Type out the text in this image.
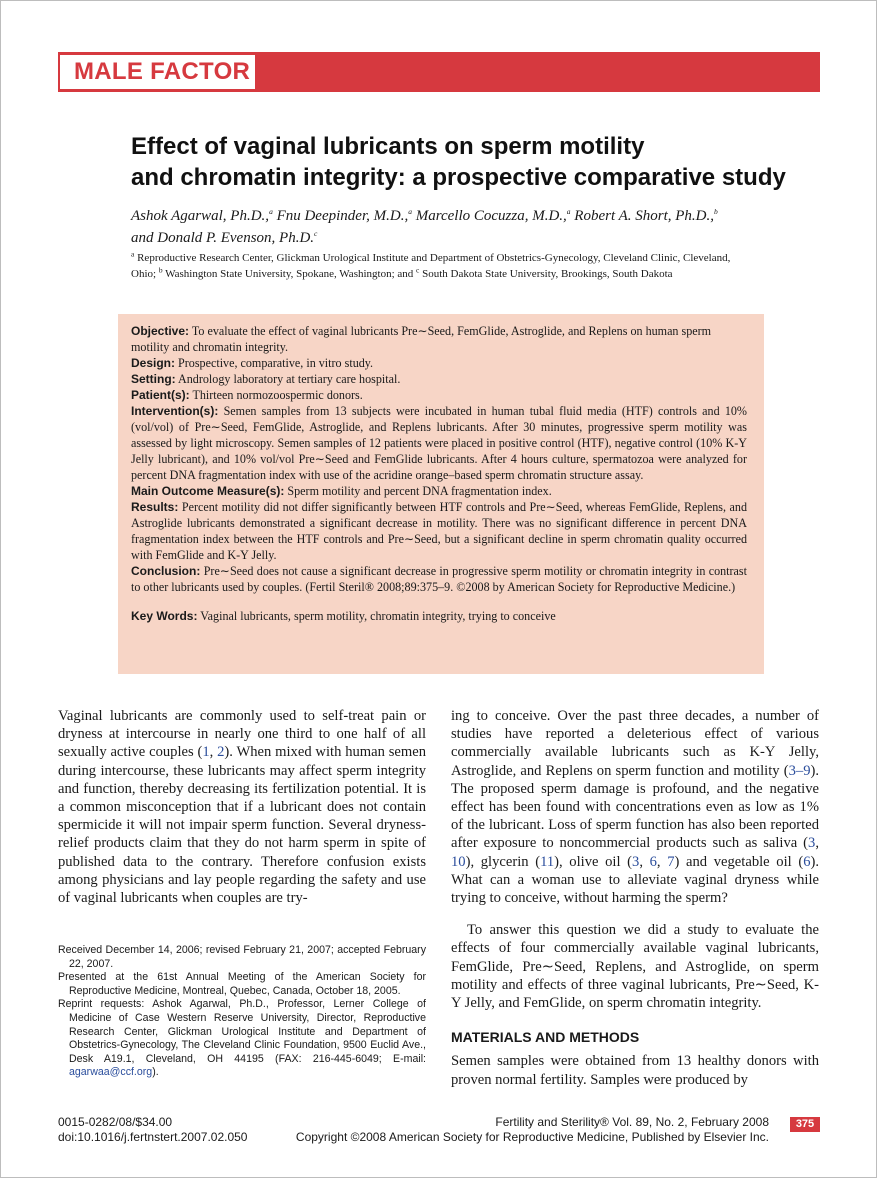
MALE FACTOR
Effect of vaginal lubricants on sperm motility
and chromatin integrity: a prospective comparative study
Ashok Agarwal, Ph.D.,$^a$ Fnu Deepinder, M.D.,$^a$ Marcello Cocuzza, M.D.,$^a$ Robert A. Short, Ph.D.,$^b$
and Donald P. Evenson, Ph.D.$^c$
$^a$ Reproductive Research Center, Glickman Urological Institute and Department of Obstetrics-Gynecology, Cleveland Clinic, Cleveland, Ohio; $^b$ Washington State University, Spokane, Washington; and $^c$ South Dakota State University, Brookings, South Dakota

Objective: To evaluate the effect of vaginal lubricants Pre∼Seed, FemGlide, Astroglide, and Replens on human sperm motility and chromatin integrity.

Design: Prospective, comparative, in vitro study.

Setting: Andrology laboratory at tertiary care hospital.

Patient(s): Thirteen normozoospermic donors.

Intervention(s): Semen samples from 13 subjects were incubated in human tubal fluid media (HTF) controls and 10% (vol/vol) of Pre∼Seed, FemGlide, Astroglide, and Replens lubricants. After 30 minutes, progressive sperm motility was assessed by light microscopy. Semen samples of 12 patients were placed in positive control (HTF), negative control (10% K-Y Jelly lubricant), and 10% vol/vol Pre∼Seed and FemGlide lubricants. After 4 hours culture, spermatozoa were analyzed for percent DNA fragmentation index with use of the acridine orange–based sperm chromatin structure assay.

Main Outcome Measure(s): Sperm motility and percent DNA fragmentation index.

Results: Percent motility did not differ significantly between HTF controls and Pre∼Seed, whereas FemGlide, Replens, and Astroglide lubricants demonstrated a significant decrease in motility. There was no significant difference in percent DNA fragmentation index between the HTF controls and Pre∼Seed, but a significant decline in sperm chromatin quality occurred with FemGlide and K-Y Jelly.

Conclusion: Pre∼Seed does not cause a significant decrease in progressive sperm motility or chromatin integrity in contrast to other lubricants used by couples. (Fertil Steril® 2008;89:375–9. ©2008 by American Society for Reproductive Medicine.)

Key Words: Vaginal lubricants, sperm motility, chromatin integrity, trying to conceive

Vaginal lubricants are commonly used to self-treat pain or dryness at intercourse in nearly one third to one half of all sexually active couples (1, 2). When mixed with human semen during intercourse, these lubricants may affect sperm integrity and function, thereby decreasing its fertilization potential. It is a common misconception that if a lubricant does not contain spermicide it will not impair sperm function. Several dryness-relief products claim that they do not harm sperm in spite of published data to the contrary. Therefore confusion exists among physicians and lay people regarding the safety and use of vaginal lubricants when couples are try-

ing to conceive. Over the past three decades, a number of studies have reported a deleterious effect of various commercially available lubricants such as K-Y Jelly, Astroglide, and Replens on sperm function and motility (3–9). The proposed sperm damage is profound, and the negative effect has been found with concentrations even as low as 1% of the lubricant. Loss of sperm function has also been reported after exposure to noncommercial products such as saliva (3, 10), glycerin (11), olive oil (3, 6, 7) and vegetable oil (6). What can a woman use to alleviate vaginal dryness while trying to conceive, without harming the sperm?

To answer this question we did a study to evaluate the effects of four commercially available vaginal lubricants, FemGlide, Pre∼Seed, Replens, and Astroglide, on sperm motility and effects of three vaginal lubricants, Pre∼Seed, K-Y Jelly, and FemGlide, on sperm chromatin integrity.

MATERIALS AND METHODS

Semen samples were obtained from 13 healthy donors with proven normal fertility. Samples were produced by

Received December 14, 2006; revised February 21, 2007; accepted February 22, 2007.

Presented at the 61st Annual Meeting of the American Society for Reproductive Medicine, Montreal, Quebec, Canada, October 18, 2005.

Reprint requests: Ashok Agarwal, Ph.D., Professor, Lerner College of Medicine of Case Western Reserve University, Director, Reproductive Research Center, Glickman Urological Institute and Department of Obstetrics-Gynecology, The Cleveland Clinic Foundation, 9500 Euclid Ave., Desk A19.1, Cleveland, OH 44195 (FAX: 216-445-6049; E-mail: agarwaa@ccf.org).

0015-0282/08/$34.00
doi:10.1016/j.fertnstert.2007.02.050
Fertility and Sterility® Vol. 89, No. 2, February 2008
Copyright ©2008 American Society for Reproductive Medicine, Published by Elsevier Inc.
375
